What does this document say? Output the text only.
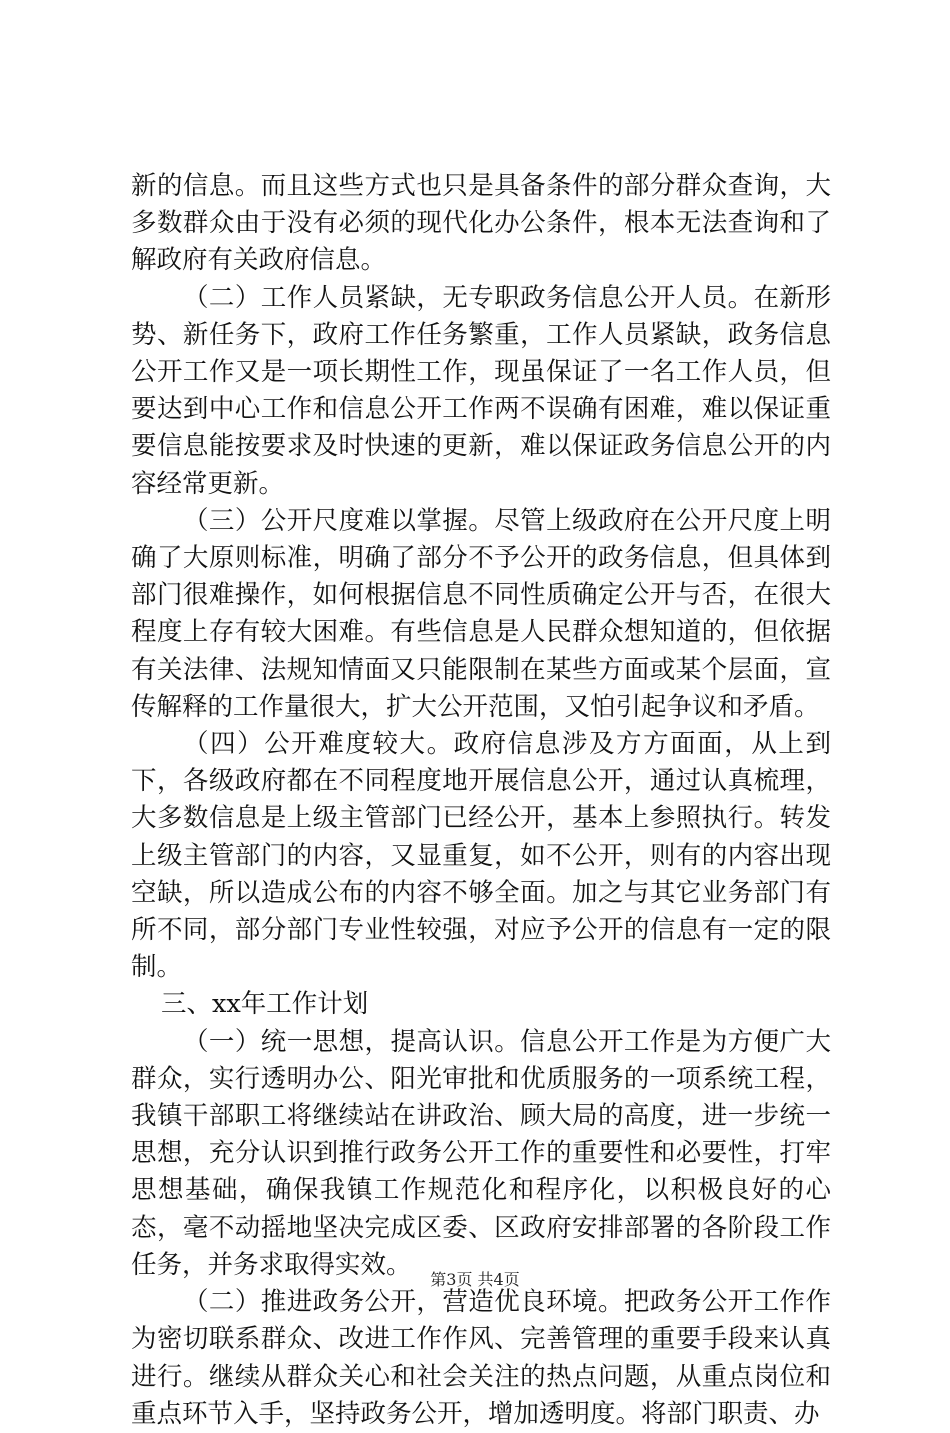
新的信息。而且这些方式也只是具备条件的部分群众查询，大多数群众由于没有必须的现代化办公条件，根本无法查询和了解政府有关政府信息。

（二）工作人员紧缺，无专职政务信息公开人员。在新形势、新任务下，政府工作任务繁重，工作人员紧缺，政务信息公开工作又是一项长期性工作，现虽保证了一名工作人员，但要达到中心工作和信息公开工作两不误确有困难，难以保证重要信息能按要求及时快速的更新，难以保证政务信息公开的内容经常更新。

（三）公开尺度难以掌握。尽管上级政府在公开尺度上明确了大原则标准，明确了部分不予公开的政务信息，但具体到部门很难操作，如何根据信息不同性质确定公开与否，在很大程度上存有较大困难。有些信息是人民群众想知道的，但依据有关法律、法规知情面又只能限制在某些方面或某个层面，宣传解释的工作量很大，扩大公开范围，又怕引起争议和矛盾。

（四）公开难度较大。政府信息涉及方方面面，从上到下，各级政府都在不同程度地开展信息公开，通过认真梳理，大多数信息是上级主管部门已经公开，基本上参照执行。转发上级主管部门的内容，又显重复，如不公开，则有的内容出现空缺，所以造成公布的内容不够全面。加之与其它业务部门有所不同，部分部门专业性较强，对应予公开的信息有一定的限制。

三、xx年工作计划

（一）统一思想，提高认识。信息公开工作是为方便广大群众，实行透明办公、阳光审批和优质服务的一项系统工程，我镇干部职工将继续站在讲政治、顾大局的高度，进一步统一思想，充分认识到推行政务公开工作的重要性和必要性，打牢思想基础，确保我镇工作规范化和程序化，以积极良好的心态，毫不动摇地坚决完成区委、区政府安排部署的各阶段工作任务，并务求取得实效。

（二）推进政务公开，营造优良环境。把政务公开工作作为密切联系群众、改进工作作风、完善管理的重要手段来认真进行。继续从群众关心和社会关注的热点问题，从重点岗位和重点环节入手，坚持政务公开，增加透明度。将部门职责、办

第3页 共4页
